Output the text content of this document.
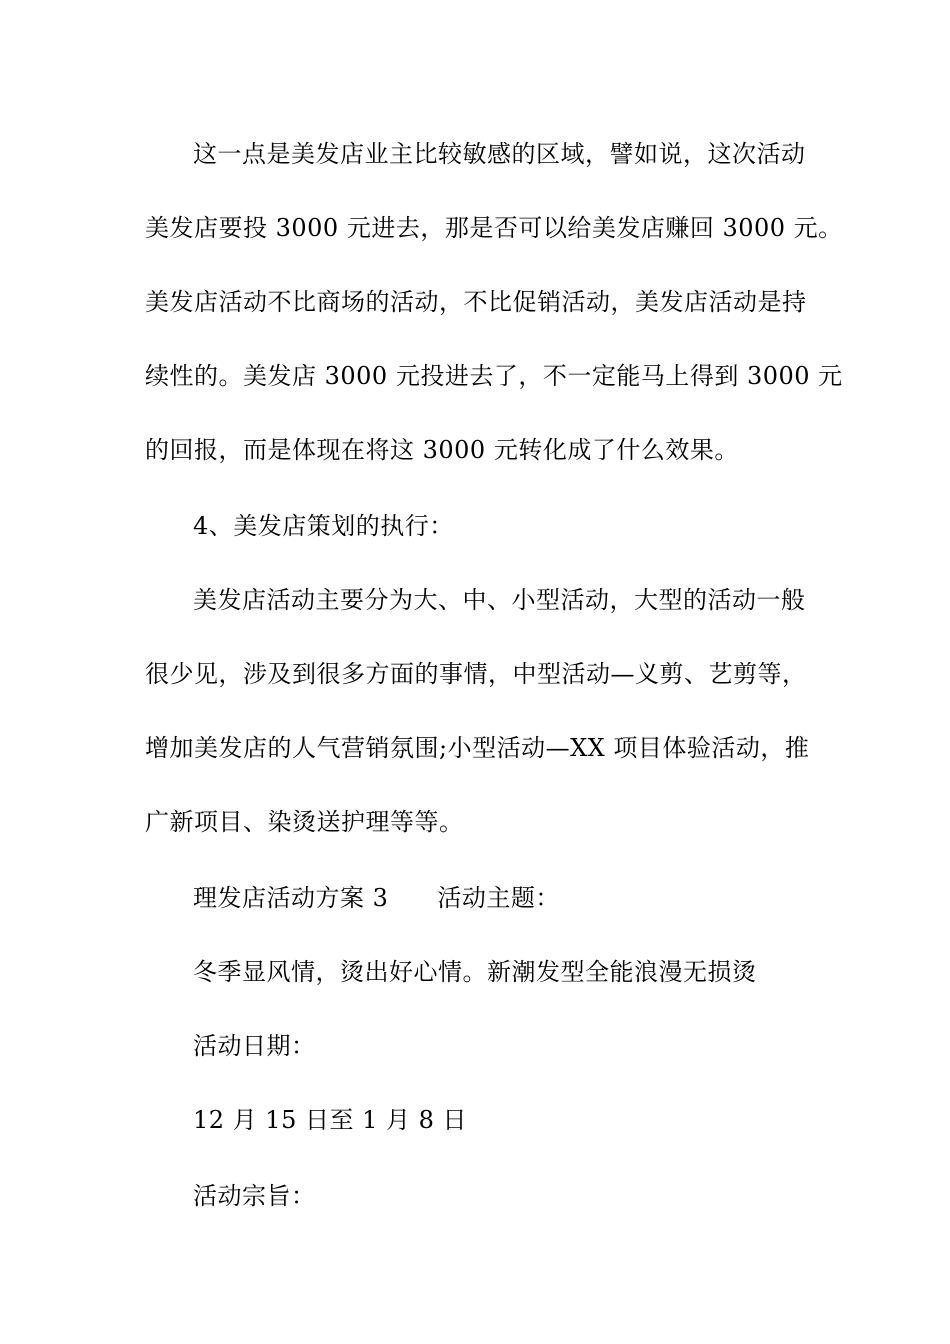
这一点是美发店业主比较敏感的区域，譬如说，这次活动
美发店要投 3000 元进去，那是否可以给美发店赚回 3000 元。
美发店活动不比商场的活动，不比促销活动，美发店活动是持
续性的。美发店 3000 元投进去了，不一定能马上得到 3000 元
的回报，而是体现在将这 3000 元转化成了什么效果。
4、美发店策划的执行：
美发店活动主要分为大、中、小型活动，大型的活动一般
很少见，涉及到很多方面的事情，中型活动—义剪、艺剪等，
增加美发店的人气营销氛围;小型活动—XX 项目体验活动，推
广新项目、染烫送护理等等。
理发店活动方案 3　　活动主题：
冬季显风情，烫出好心情。新潮发型全能浪漫无损烫
活动日期：
12 月 15 日至 1 月 8 日
活动宗旨：
